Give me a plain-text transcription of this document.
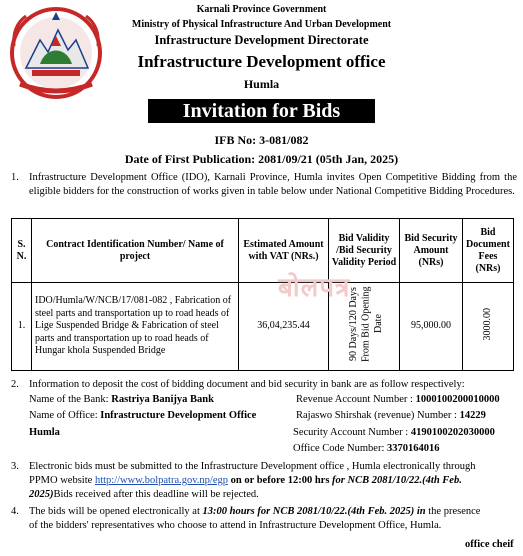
Karnali Province Government
Ministry of Physical Infrastructure And Urban Development
Infrastructure Development Directorate
Infrastructure Development office
Humla
Invitation for Bids
IFB No: 3-081/082
Date of First Publication: 2081/09/21 (05th Jan, 2025)
1. Infrastructure Development Office (IDO), Karnali Province, Humla invites Open Competitive Bidding from the eligible bidders for the construction of works given in table below under National Competitive Bidding Procedures.
S. N.	Contract Identification Number/ Name of project	Estimated Amount with VAT (NRs.)	Bid Validity /Bid Security Validity Period	Bid Security Amount (NRs)	Bid Document Fees (NRs)
1.	IDO/Humla/W/NCB/17/081-082 , Fabrication of steel parts and transportation up to road heads of Lige Suspended Bridge & Fabrication of steel parts and transportation up to road heads of Hungar khola Suspended Bridge	36,04,235.44	90 Days/120 Days From Bid Opening Date	95,000.00	3000.00
बोलपत्र
2. Information to deposit the cost of bidding document and bid security in bank are as follow respectively:
Name of the Bank: Rastriya Banijya Bank
Name of Office: Infrastructure Development Office
Humla
Revenue Account Number : 1000100200010000
Rajaswo Shirshak (revenue) Number : 14229
Security Account Number : 4190100202030000
Office Code Number: 3370164016
3. Electronic bids must be submitted to the Infrastructure Development office , Humla electronically through
PPMO website http://www.bolpatra.gov.np/egp on or before 12:00 hrs for NCB 2081/10/22.(4th Feb.
2025)Bids received after this deadline will be rejected.
4. The bids will be opened electronically at 13:00 hours for NCB 2081/10/22.(4th Feb. 2025) in the presence
of the bidders' representatives who choose to attend in Infrastructure Development Office, Humla.
office cheif
